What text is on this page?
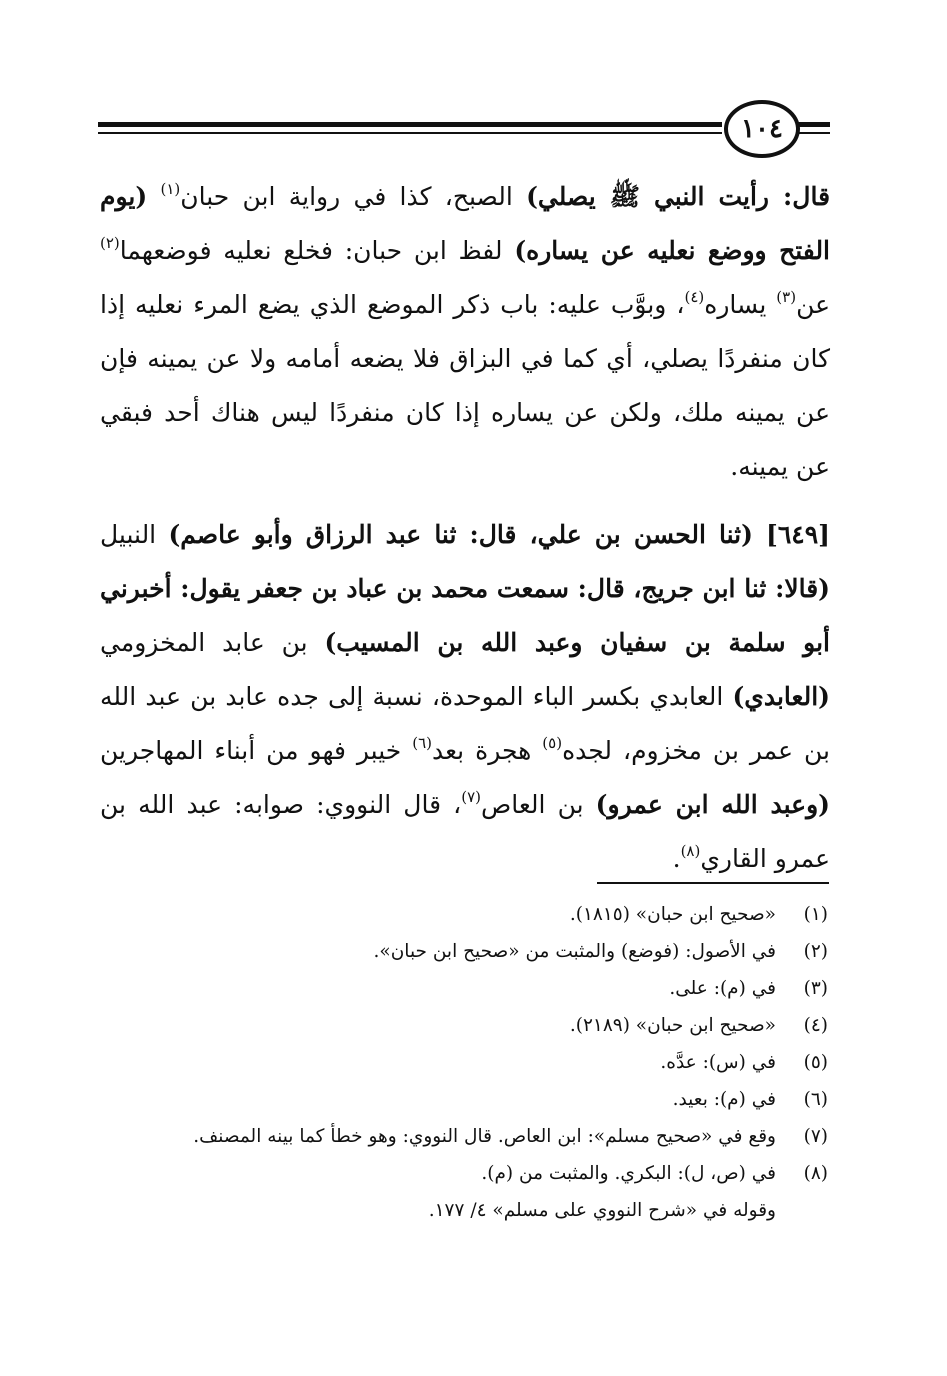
١٠٤

قال: رأيت النبي ﷺ يصلي) الصبح، كذا في رواية ابن حبان$^{(١)}$ (يوم الفتح ووضع نعليه عن يساره) لفظ ابن حبان: فخلع نعليه فوضعهما$^{(٢)}$ عن$^{(٣)}$ يساره$^{(٤)}$، وبوَّب عليه: باب ذكر الموضع الذي يضع المرء نعليه إذا كان منفردًا يصلي، أي كما في البزاق فلا يضعه أمامه ولا عن يمينه فإن عن يمينه ملك، ولكن عن يساره إذا كان منفردًا ليس هناك أحد فبقي عن يمينه.

[٦٤٩] (ثنا الحسن بن علي، قال: ثنا عبد الرزاق وأبو عاصم) النبيل (قالا: ثنا ابن جريج، قال: سمعت محمد بن عباد بن جعفر يقول: أخبرني أبو سلمة بن سفيان وعبد الله بن المسيب) بن عابد المخزومي (العابدي) العابدي بكسر الباء الموحدة، نسبة إلى جده عابد بن عبد الله بن عمر بن مخزوم، لجده$^{(٥)}$ هجرة بعد$^{(٦)}$ خيبر فهو من أبناء المهاجرين (وعبد الله ابن عمرو) بن العاص$^{(٧)}$، قال النووي: صوابه: عبد الله بن عمرو القاري$^{(٨)}$.

(١)
«صحيح ابن حبان» (١٨١٥).
(٢)
في الأصول: (فوضع) والمثبت من «صحيح ابن حبان».
(٣)
في (م): على.
(٤)
«صحيح ابن حبان» (٢١٨٩).
(٥)
في (س): عدَّه.
(٦)
في (م): بعيد.
(٧)
وقع في «صحيح مسلم»: ابن العاص. قال النووي: وهو خطأ كما بينه المصنف.
(٨)
في (ص، ل): البكري. والمثبت من (م).
وقوله في «شرح النووي على مسلم» ٤/ ١٧٧.
